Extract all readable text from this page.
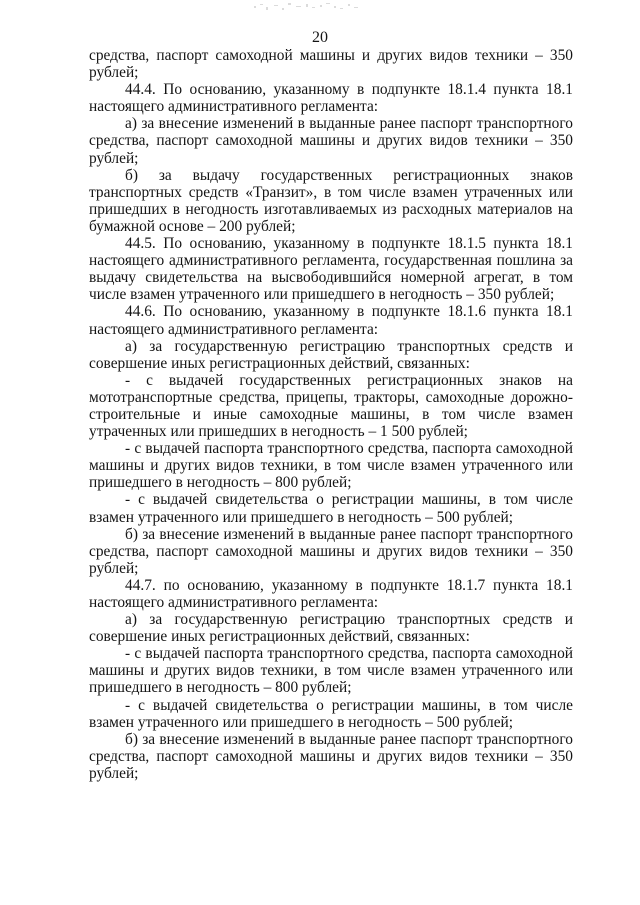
20

средства, паспорт самоходной машины и других видов техники – 350 рублей;

44.4. По основанию, указанному в подпункте 18.1.4 пункта 18.1 настоящего административного регламента:

а) за внесение изменений в выданные ранее паспорт транспортного средства, паспорт самоходной машины и других видов техники – 350 рублей;

б) за выдачу государственных регистрационных знаков транспортных средств «Транзит», в том числе взамен утраченных или пришедших в негодность изготавливаемых из расходных материалов на бумажной основе – 200 рублей;

44.5. По основанию, указанному в подпункте 18.1.5 пункта 18.1 настоящего административного регламента, государственная пошлина за выдачу свидетельства на высвободившийся номерной агрегат, в том числе взамен утраченного или пришедшего в негодность – 350 рублей;

44.6. По основанию, указанному в подпункте 18.1.6 пункта 18.1 настоящего административного регламента:

а) за государственную регистрацию транспортных средств и совершение иных регистрационных действий, связанных:

- с выдачей государственных регистрационных знаков на мототранспортные средства, прицепы, тракторы, самоходные дорожно-строительные и иные самоходные машины, в том числе взамен утраченных или пришедших в негодность – 1 500 рублей;

- с выдачей паспорта транспортного средства, паспорта самоходной машины и других видов техники, в том числе взамен утраченного или пришедшего в негодность – 800 рублей;

- с выдачей свидетельства о регистрации машины, в том числе взамен утраченного или пришедшего в негодность – 500 рублей;

б) за внесение изменений в выданные ранее паспорт транспортного средства, паспорт самоходной машины и других видов техники – 350 рублей;

44.7. по основанию, указанному в подпункте 18.1.7 пункта 18.1 настоящего административного регламента:

а) за государственную регистрацию транспортных средств и совершение иных регистрационных действий, связанных:

- с выдачей паспорта транспортного средства, паспорта самоходной машины и других видов техники, в том числе взамен утраченного или пришедшего в негодность – 800 рублей;

- с выдачей свидетельства о регистрации машины, в том числе взамен утраченного или пришедшего в негодность – 500 рублей;

б) за внесение изменений в выданные ранее паспорт транспортного средства, паспорт самоходной машины и других видов техники – 350 рублей;
